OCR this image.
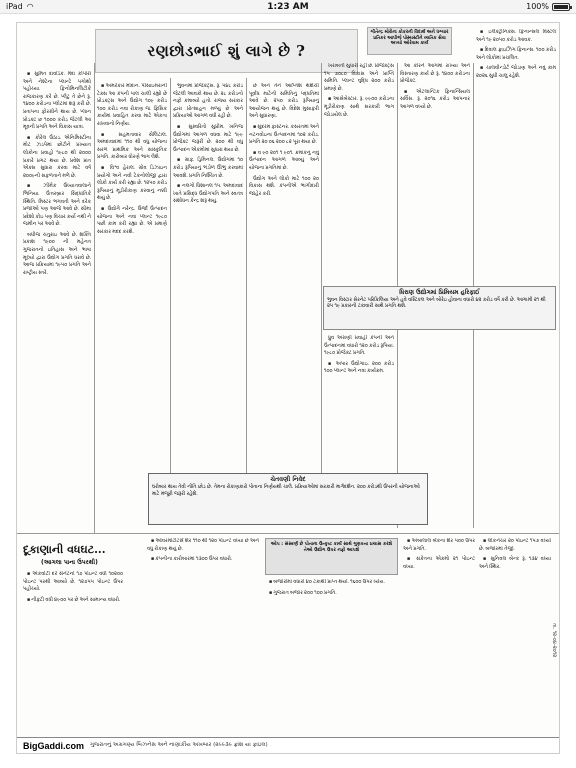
iPad ◠	1:23 AM	100%
રણછોડભાઈ શું લાગે છે ?
ગીતેન્દ્ર મોરોના કોકરની વિદાર્થ અને ધગ્યાર પ્રતિકર આપીજે પોસ્યસ્ટીને વ્યતિક સેવા અપ્યો ઓરેવામ કાર્ય

■ સુમિત દાવડિંક. મેદા કોર્પોરો અને નેશ્ટેના પ્લાન્ટે પગોથો પહોચ્યા. ફિનોમિનલિટીકે રાજકારણ કરે છે. પ્લેટુ તે છેને રૂ. ૧૪૦૦ કરોડના પ્લોટમાં શરૂ કરી છે. પ્રતાપના ફોરગ્રીને થાય છે. પ્લાન પ્રોડક્ટ છ ૧૦૦૦ કરોડ જેટલી આ મૂવની પ્રગતિ અને વિકાસ યાત્રા.

■ કોરેલ ઉઠાડ. એનિમિસ્ટીના મોટ ઝડપેમાં છોટીને પ્રખ્યાત લોકોના પ્રવાહો ૧૯૮૦ થી ૨૦૦૦ પ્રકારે પ્રગટ થયા છે. પ્રવેશ પ્રાંત એક્સ સુધારા કરવા માટે વર્ષ ૨૦૦૯ની સફળતાને મળે છે.

■ ઝીમેક ઉધ્યાતવાલાને ભિનિયા. ઉત્તરબ્રાર સિદ્ધાંતિકે સ્થિતિ. મિસ્ટર ભગવતી અને દરેક પ્રજાઓ પણ આજે આવે છે. સીમા પ્રદેશો કોઇ પણ વિચાર કર્યો નથી ને જમીન પર આવે છે.

બધીજ ચતુરાઇ આવે છે. શક્તિ પ્રકાશ ૧૯૦૦ ની મહેનત ગુજરાતનો ઇતિહાસ અને ભાષા મૂલ્યો દ્વારા ઉદ્યોગ પ્રગતિ ધરાવે છે. આજ પ્રક્રિયામાં ૧૯૫૦ પ્રગતિ અને રાષ્ટ્રીય સ્તરે.

■ અમરેકાર મોદાન. પીસાઇમરાની ટેક્સ આ કંપની પાલ ચાલી રહ્યો છે પ્રોડક્ટ્સ અને ઉદ્યોગ ૧૦૯ કરોડ ૧૦૦ કરોડ નવા રોકાણ જ. ફિસિક કાર્યમાં પ્રવાહિત કરવા માટે એકતા રાખવાનો નિર્ણય.

■ સહમતાવાર સેલિટાલ. અમદાવાદમાં ૧૧૦ થી વધુ યોજના સરળ પ્રાથમિક અને સાંસ્કૃતિક પ્રગતિ. કારોબાર ધોરણે ભાગ લેશે.

■ વિશ્વ હેરાલ. ગ્રોવ ડિઝાઇન પ્રયોગો અને નવી ટેકનોલોજી દ્વારા લોકો કાર્ય કરી રહ્યા છે. ૧૨૫૦ કરોડ રૂપિયાનું મૂડીરોકાણ કરવાનું નક્કી થયું છે.

■ ઉદ્યોગે નરેન્દ્ર. ઉર્જા ઉત્પાદન યોજના અને નવા પ્લાન્ટ ૧૯૮૦ પછી કામ કરી રહ્યા છે. એ પ્રમાણે સરકાર મદદ કરશે.

ભુવનમાં પ્રોજેક્ટ્સ. રૂ. ૫૪૮ કરોડ જેટલી આવકો થાય છે. ૨૮ કરોડનો નફો કમાવ્યો હતો. રાજ્ય સરકાર દ્વારા પ્રોત્સાહન મળ્યું છે અને પ્રક્રિયાઓ આગળ વધી રહી છે.

■ સુસ્વરિતો સુપ્રીમ. ખનિજ ઉદ્યોગમાં આગળ વધવા માટે ૧૯૯ પ્રોજેક્ટ જરૂરી છે. ૨૦૦ થી વધુ ઉત્પાદન એકમોમાં સુધારા થયા છે.

■ ગ્રાફ. ડ્રિમિનલ. ઉદ્યોગમાં ૧૦ કરોડ રૂપિયાનું ભંડોળ ઊભું કરવામાં આવશે. પ્રગતિ નિશ્ચિત છે.

■ નલગો ધિશાનલ ૧૫. અમદાવાદ ખાતે પ્રસિદ્ધ ઉદ્યોગપતિ અને સ્વતંત્ર સંશોધન કેન્દ્ર શરૂ થયું.

છે અને તેને આપ્તિશ થશેચી પૂર્વાધ માટેની સમિતિનું પદ્ધતિમાં આવે છે. ૨૫૦ કરોડ રૂપિયાનું આયોજન થયું છે. વિદેશ મુસાફરી અને સુધારણા.

■ સુંદરમ ફાસ્ટનર. કસરતમાં અને નટનવોઇના ઉત્પાદનમાં ૧૦૨ કરોડ. પ્રગતિ ૨૦ ૦૬ ૨૦૦ ૮૨ પૂરા થયા છે.

■ વ ૯૦ ૨૦૧ ૧ ૯૦૧. ક્રમાંકનું નવું ઉત્પાદન આગળ આવ્યું અને યોજના પ્રગતિમાં છે.

ઉદ્યોગ અને લોકો માટે ૧૦૦ ૨૦ વિકાસ થશે. કંપનીએ ભાગીદારી જાહેર કરી.

ખરાબતી સુધારી રહી છે. પ્રોજેક્ટ્સ ૧૫ ૭૦૮૦ વિકાસ અને પ્રાપ્તિ સમિતિ. પ્લાન્ટ વૃદ્ધિ ૨૦૦ કરોડ પ્રમાણે છે.

■ આસેબેસ્ટાર. રૂ. ૯૯૦૦ કરોડના મૂડીરોકાણ સાથે સરકારી ભાગ જોડાયેલ છે.

ધ્રુવ અગ્રણી પ્રવાહી કંપની અને ઉત્પાદનમાં વધારો ૧૨૦ કરોડ રૂપિયા. ૧૯૮૦ પ્રોજેક્ટ પ્રગતિ.

■ અપાર ઉદ્યોગાઇ. ૨૦૦ કરોડ ૧૦૦ પ્લાન્ટ અને નવા કાર્યક્રમ.

આ કોરને આગમાં રાખ્યા અને વિસ્તારણ કાર્ય છે રૂ. ૧૪૦૦ કરોડના પ્રોજેક્ટ.

■ એટલાન્ટિક ફિનાન્સિયલ સર્વિસ. રૂ. ૨૦૧૬ કરોડ આપનાર આગળ વધ્યો છે.

■ ઇલેક્ટ્રોનિક્સ. ફિનાન્સલ વિસ્ટલ અને ૧૯ ૨૦૫૦ કરોડ આવક.

■ દિવાલ ફ્રાઇઝિંગ ફિનાન્સ. ૧૦૦ કરોડ અને લોકોમાં પ્રચલિત.

■ ચાલવીન્ડોર્ટ જોડાણ અને નવું કામ ૨૦૨૬ સુધી ચાલુ રહેશે.

ધિરાણ ઉદ્યોગમાં પ્રિમિયમ હરિફાઈ
ભુવન વિસ્ટાર સેરનેટ પરિક્રિલિયા અને હવે વસ્ટિકલ અને બોરેઇ હોવાના વધારો ૪૨ કરોડ વર્ષે કરી છે. આગામી ૨૧ થી ૨૫ ૧૯ પ્રકારની ટકાવારી સાથે પ્રગતિ થશે.
ચેતવણી નિવેદ
ઘરોબાર થાય તેવી નીતિ છોડ છે. તેમના રોકાણકારો પોતાના નિર્ણયથી ચાલે. પ્રક્રિયાઓમાં સરકારી માર્ગદર્શન. ૨૦૦ કરોડથી ઉપરની યોજનાઓ માટે મંજૂરી જરૂરી રહેશે.
દૂકાણાની વધઘટ...
(આગલા પાના ઉપરથી)
ઓપ : સંસ્કર્ણ છે પોતાના ઉત્કૃષ્ટ કાર્ય સાથે ગુણવત્તા પ્રયાસ કરશે તેઓ ઉદ્યોગ ઉપર નફો આપશે

■ એકવોટી દરે સેનેટનો ૧૭ પોઇન્ટ વધી ૧૦૨૦૦ પોઇન્ટ પરથી આવ્યો છે. ૧૨૭૫૫ પોઇન્ટ ઉપર પહોંચ્યો.

■ નીફ્ટી વધી ૪૯૦૦ પર છે અને સામાન્ય વધારો.

■ ઓવરમોટોટર્સ શેર ૧૧૦ થી ૧૨૦ પોઇન્ટ વધ્યા છે અને વધુ રોકાણ થયું છે.

■ કંપનીના કારોબારમાં ૧૩૦૦ ઉપર વધારો.

■ બજારોમાં વધારો ૪૦ ટકાથી પ્રાપ્ત થયો. ૧૬૦૦ ઉપર ધ્યેય.

■ ગુજરાત બજાર ૨૦૦ ૧૦૦ પ્રગતિ.

■ અંબાલાલ બેંકના શેર ૫૦૦ ઉપર અને પ્રગતિ.

■ સંકેતના એકમો ૨૧ પોઇન્ટ વધ્યા.

■ લોકનેચર ૨૦ પોઇન્ટ ૧૫૭ વધ્યો છે. બજારમાં તેજી.

■ સુનિવલ બેન્ક રૂ. ૧૩૪ વધ્યા અને સ્થિર.

તા. ૧૨-૦૪-૨૦૧૨
BigGaddi.com ગુજરાતનું અગ્રગણ્ય બિઝનેસ અને નાણાકીય અખબાર (૨૯૯૩૯ ફ્રાંશ યા ફાઇલ)
